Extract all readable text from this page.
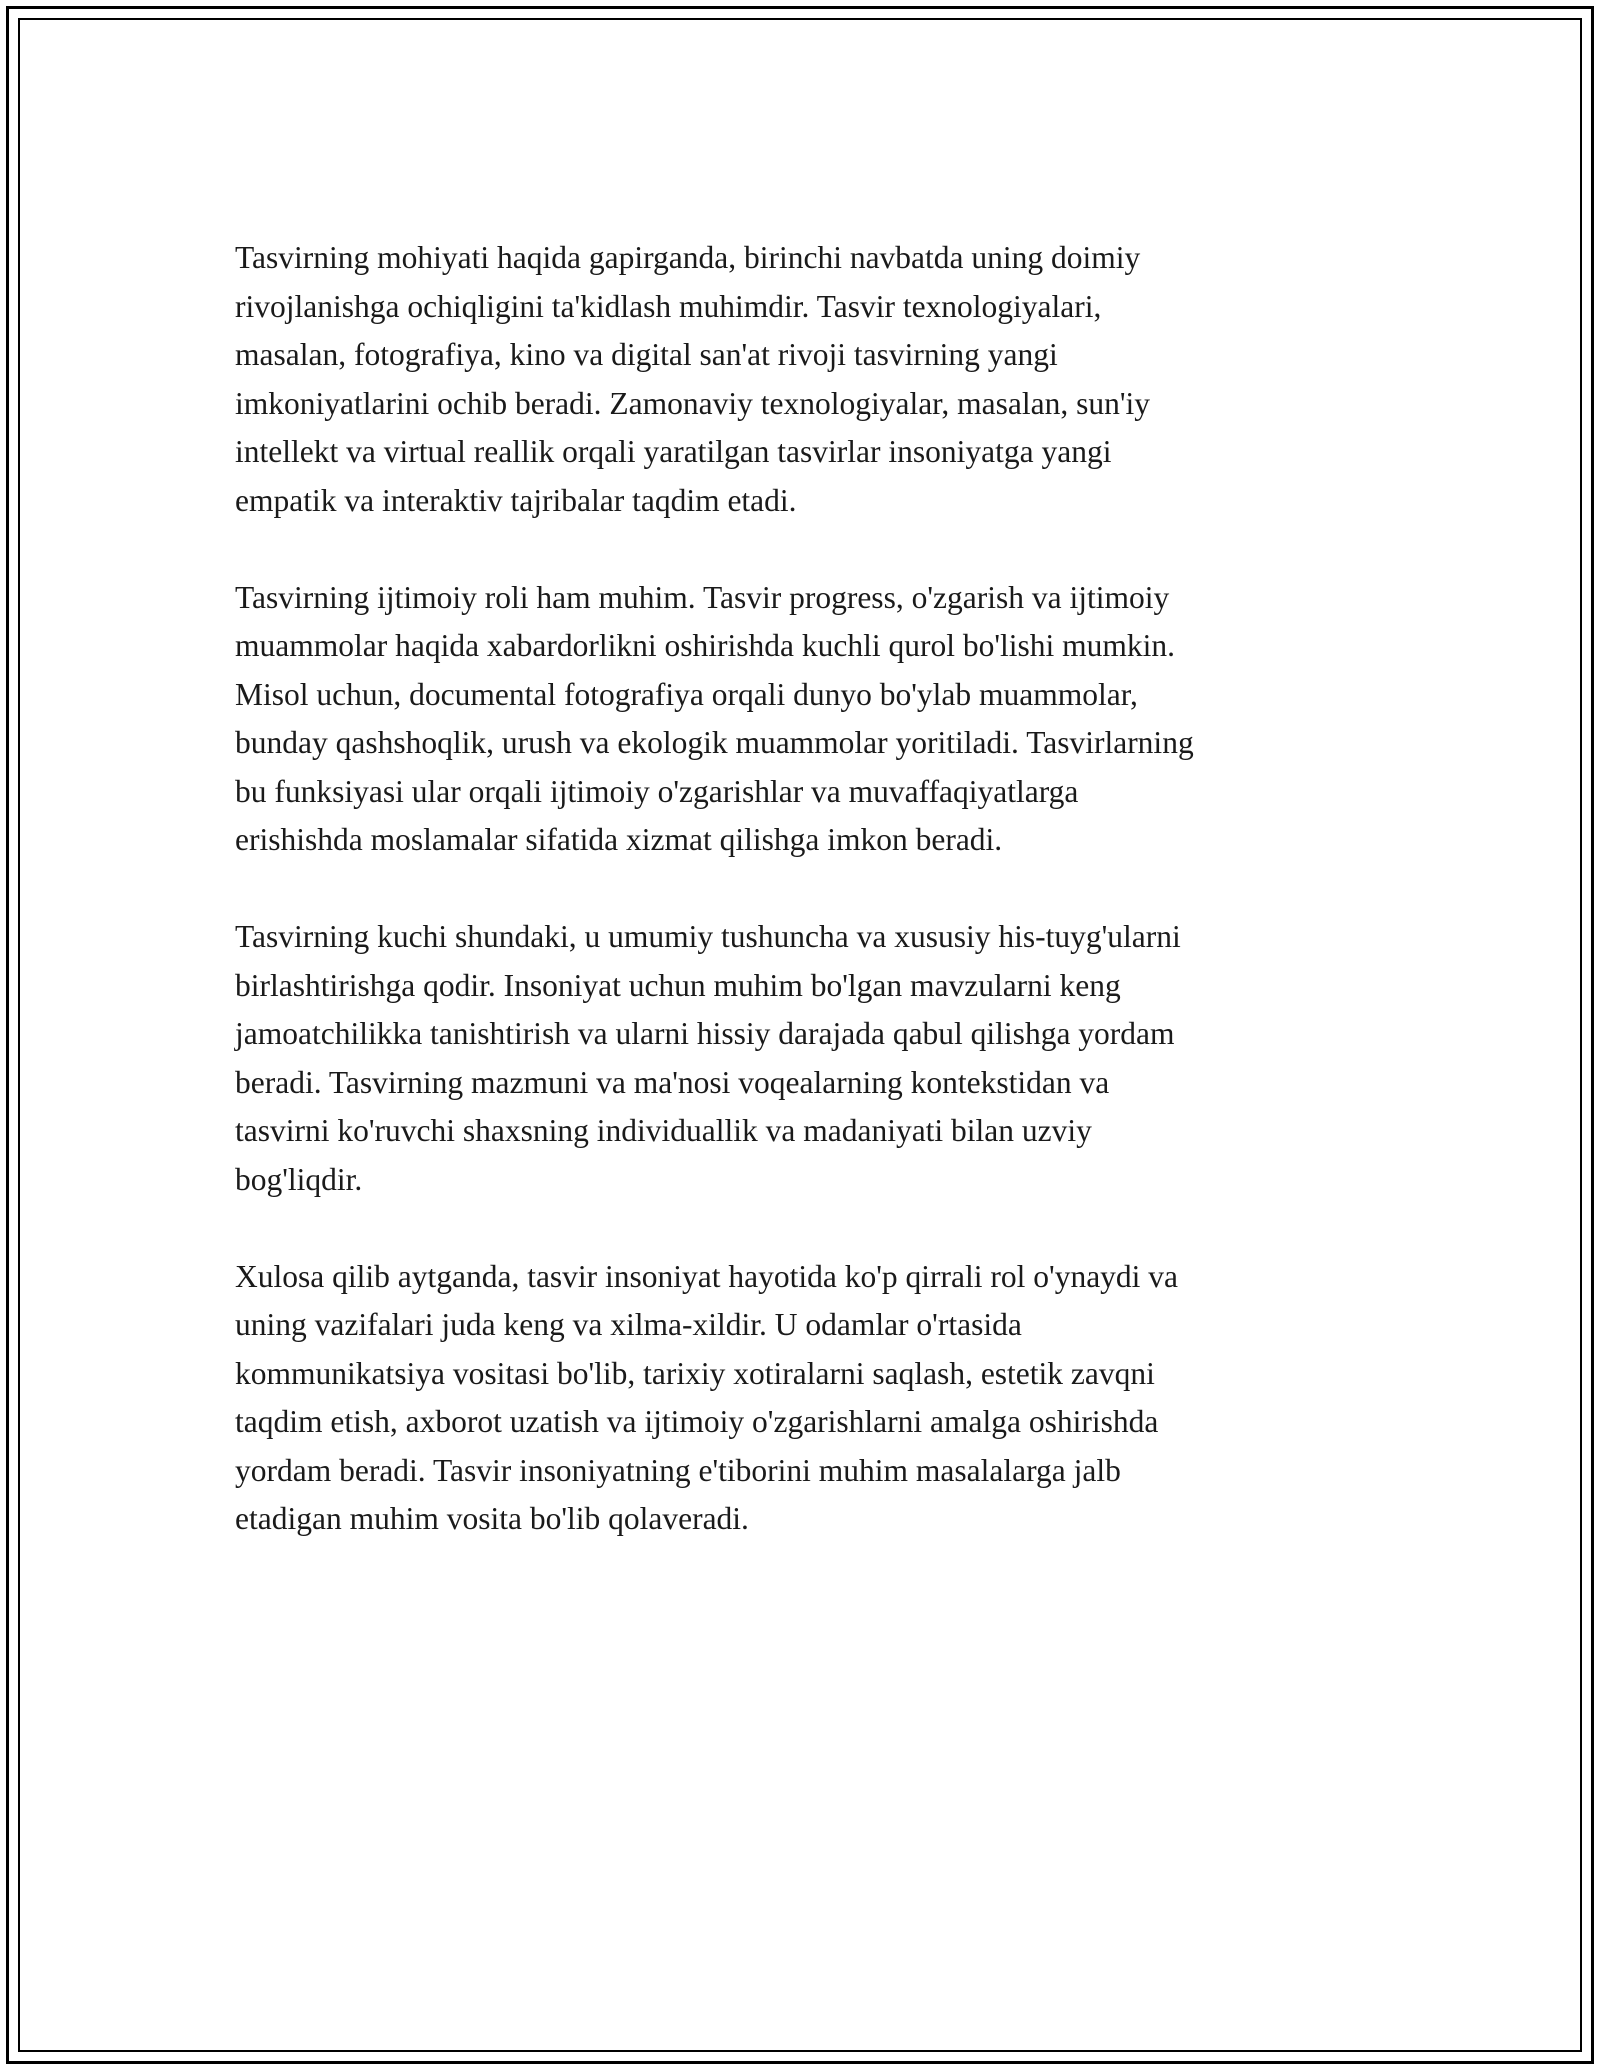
Tasvirning mohiyati haqida gapirganda, birinchi navbatda uning doimiy
rivojlanishga ochiqligini ta'kidlash muhimdir. Tasvir texnologiyalari,
masalan, fotografiya, kino va digital san'at rivoji tasvirning yangi
imkoniyatlarini ochib beradi. Zamonaviy texnologiyalar, masalan, sun'iy
intellekt va virtual reallik orqali yaratilgan tasvirlar insoniyatga yangi
empatik va interaktiv tajribalar taqdim etadi.
Tasvirning ijtimoiy roli ham muhim. Tasvir progress, o'zgarish va ijtimoiy
muammolar haqida xabardorlikni oshirishda kuchli qurol bo'lishi mumkin.
Misol uchun, documental fotografiya orqali dunyo bo'ylab muammolar,
bunday qashshoqlik, urush va ekologik muammolar yoritiladi. Tasvirlarning
bu funksiyasi ular orqali ijtimoiy o'zgarishlar va muvaffaqiyatlarga
erishishda moslamalar sifatida xizmat qilishga imkon beradi.
Tasvirning kuchi shundaki, u umumiy tushuncha va xususiy his-tuyg'ularni
birlashtirishga qodir. Insoniyat uchun muhim bo'lgan mavzularni keng
jamoatchilikka tanishtirish va ularni hissiy darajada qabul qilishga yordam
beradi. Tasvirning mazmuni va ma'nosi voqealarning kontekstidan va
tasvirni ko'ruvchi shaxsning individuallik va madaniyati bilan uzviy
bog'liqdir.
Xulosa qilib aytganda, tasvir insoniyat hayotida ko'p qirrali rol o'ynaydi va
uning vazifalari juda keng va xilma-xildir. U odamlar o'rtasida
kommunikatsiya vositasi bo'lib, tarixiy xotiralarni saqlash, estetik zavqni
taqdim etish, axborot uzatish va ijtimoiy o'zgarishlarni amalga oshirishda
yordam beradi. Tasvir insoniyatning e'tiborini muhim masalalarga jalb
etadigan muhim vosita bo'lib qolaveradi.
